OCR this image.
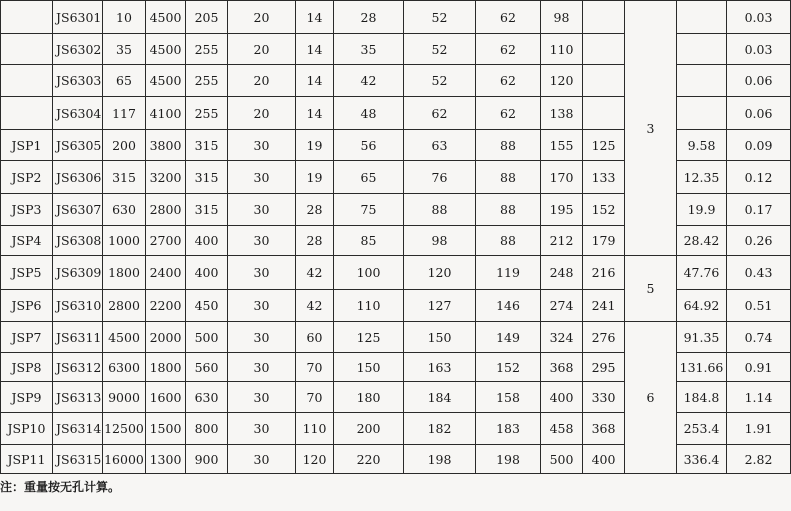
	JS6301	10	4500	205	20	14	28	52	62	98		3		0.03
	JS6302	35	4500	255	20	14	35	52	62	110				0.03
	JS6303	65	4500	255	20	14	42	52	62	120				0.06
	JS6304	117	4100	255	20	14	48	62	62	138				0.06
JSP1	JS6305	200	3800	315	30	19	56	63	88	155	125		9.58	0.09
JSP2	JS6306	315	3200	315	30	19	65	76	88	170	133		12.35	0.12
JSP3	JS6307	630	2800	315	30	28	75	88	88	195	152		19.9	0.17
JSP4	JS6308	1000	2700	400	30	28	85	98	88	212	179		28.42	0.26
JSP5	JS6309	1800	2400	400	30	42	100	120	119	248	216	5	47.76	0.43
JSP6	JS6310	2800	2200	450	30	42	110	127	146	274	241		64.92	0.51
JSP7	JS6311	4500	2000	500	30	60	125	150	149	324	276	6	91.35	0.74
JSP8	JS6312	6300	1800	560	30	70	150	163	152	368	295		131.66	0.91
JSP9	JS6313	9000	1600	630	30	70	180	184	158	400	330		184.8	1.14
JSP10	JS6314	12500	1500	800	30	110	200	182	183	458	368		253.4	1.91
JSP11	JS6315	16000	1300	900	30	120	220	198	198	500	400		336.4	2.82
注：重量按无孔计算。
